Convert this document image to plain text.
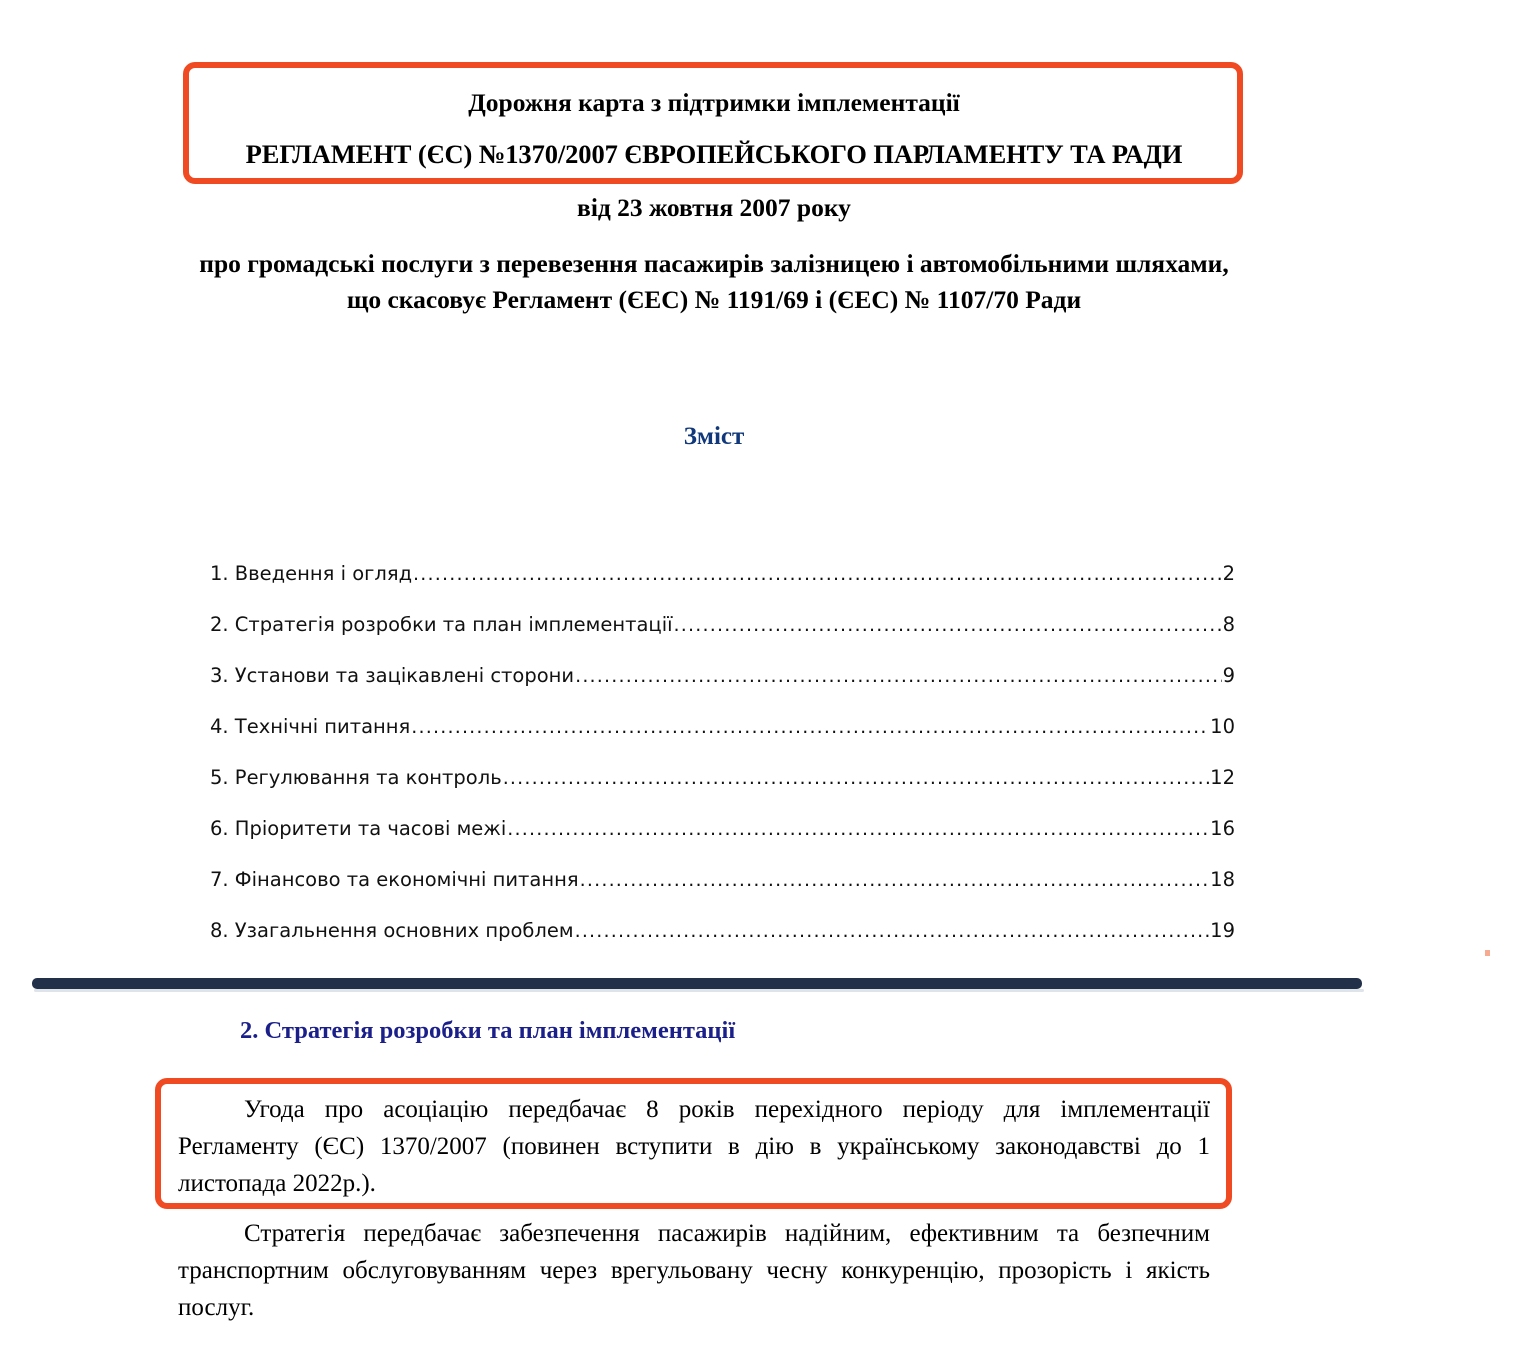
Дорожня карта з підтримки імплементації
РЕГЛАМЕНТ (ЄС) №1370/2007 ЄВРОПЕЙСЬКОГО ПАРЛАМЕНТУ ТА РАДИ
від 23 жовтня 2007 року
про громадські послуги з перевезення пасажирів залізницею і автомобільними шляхами, що скасовує Регламент (ЄЕС) № 1191/69 і (ЄЕС) № 1107/70 Ради
Зміст
1. Введення і огляд .....	2
2. Стратегія розробки та план імплементації .....	8
3. Установи та зацікавлені сторони .....	9
4. Технічні питання .....	10
5. Регулювання та контроль .....	12
6. Пріоритети та часові межі .....	16
7. Фінансово та економічні питання .....	18
8. Узагальнення основних проблем .....	19
2. Стратегія розробки та план імплементації
Угода про асоціацію передбачає 8 років перехідного періоду для імплементації Регламенту (ЄС) 1370/2007 (повинен вступити в дію в українському законодавстві до 1 листопада 2022р.).
Стратегія передбачає забезпечення пасажирів надійним, ефективним та безпечним транспортним обслуговуванням через врегульовану чесну конкуренцію, прозорість і якість послуг.
